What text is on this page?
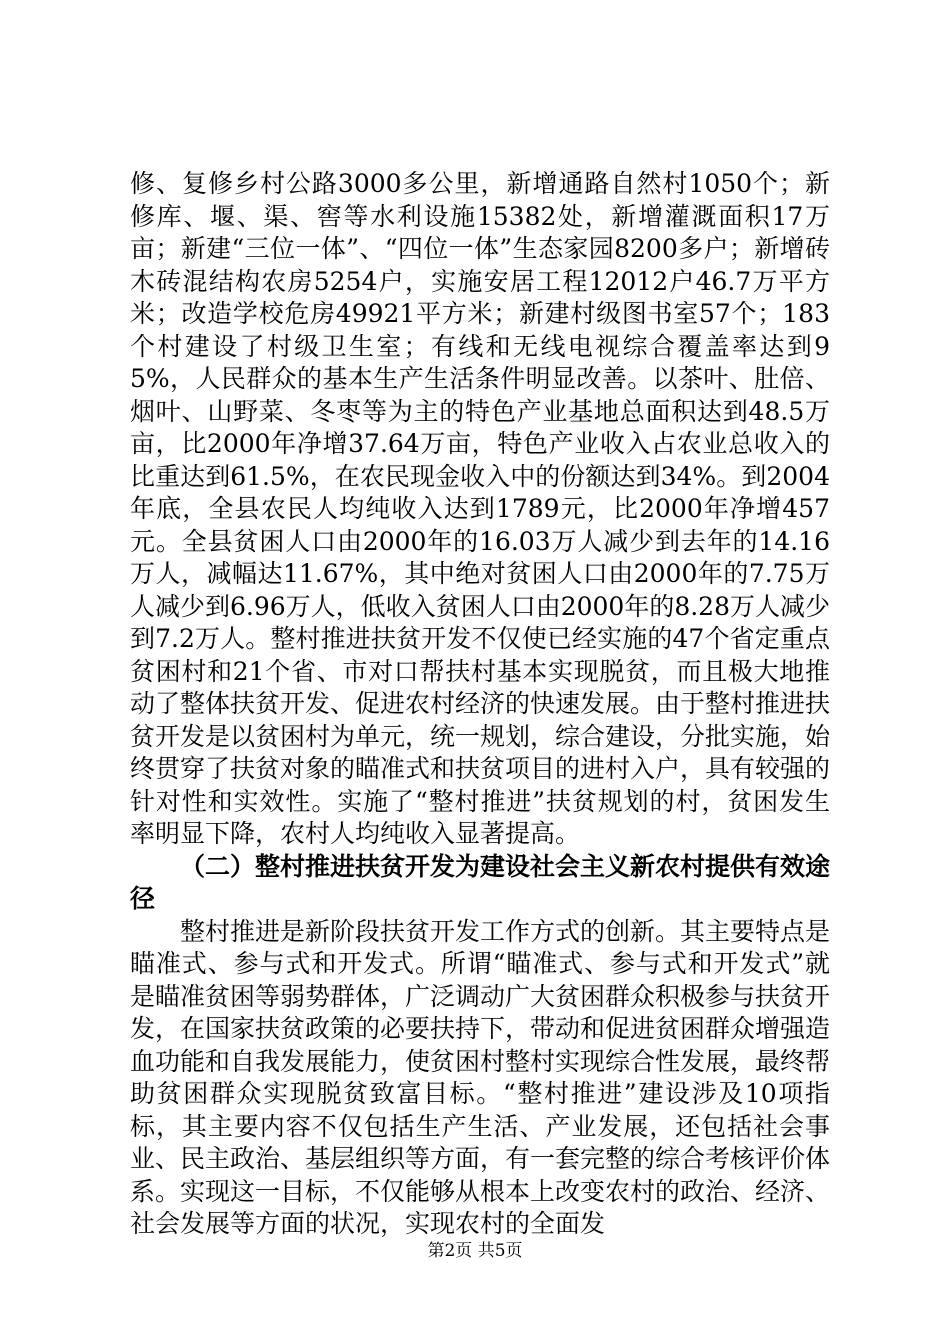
修、复修乡村公路3000多公里，新增通路自然村1050个；新修库、堰、渠、窖等水利设施15382处，新增灌溉面积17万亩；新建“三位一体”、“四位一体”生态家园8200多户；新增砖木砖混结构农房5254户，实施安居工程12012户46.7万平方米；改造学校危房49921平方米；新建村级图书室57个；183个村建设了村级卫生室；有线和无线电视综合覆盖率达到95%，人民群众的基本生产生活条件明显改善。以茶叶、肚倍、烟叶、山野菜、冬枣等为主的特色产业基地总面积达到48.5万亩，比2000年净增37.64万亩，特色产业收入占农业总收入的比重达到61.5%，在农民现金收入中的份额达到34%。到2004年底，全县农民人均纯收入达到1789元，比2000年净增457元。全县贫困人口由2000年的16.03万人减少到去年的14.16万人，减幅达11.67%，其中绝对贫困人口由2000年的7.75万人减少到6.96万人，低收入贫困人口由2000年的8.28万人减少到7.2万人。整村推进扶贫开发不仅使已经实施的47个省定重点贫困村和21个省、市对口帮扶村基本实现脱贫，而且极大地推动了整体扶贫开发、促进农村经济的快速发展。由于整村推进扶贫开发是以贫困村为单元，统一规划，综合建设，分批实施，始终贯穿了扶贫对象的瞄准式和扶贫项目的进村入户，具有较强的针对性和实效性。实施了“整村推进”扶贫规划的村，贫困发生率明显下降，农村人均纯收入显著提高。

（二）整村推进扶贫开发为建设社会主义新农村提供有效途径

整村推进是新阶段扶贫开发工作方式的创新。其主要特点是瞄准式、参与式和开发式。所谓“瞄准式、参与式和开发式”就是瞄准贫困等弱势群体，广泛调动广大贫困群众积极参与扶贫开发，在国家扶贫政策的必要扶持下，带动和促进贫困群众增强造血功能和自我发展能力，使贫困村整村实现综合性发展，最终帮助贫困群众实现脱贫致富目标。“整村推进”建设涉及10项指标，其主要内容不仅包括生产生活、产业发展，还包括社会事业、民主政治、基层组织等方面，有一套完整的综合考核评价体系。实现这一目标，不仅能够从根本上改变农村的政治、经济、社会发展等方面的状况，实现农村的全面发

第2页 共5页
